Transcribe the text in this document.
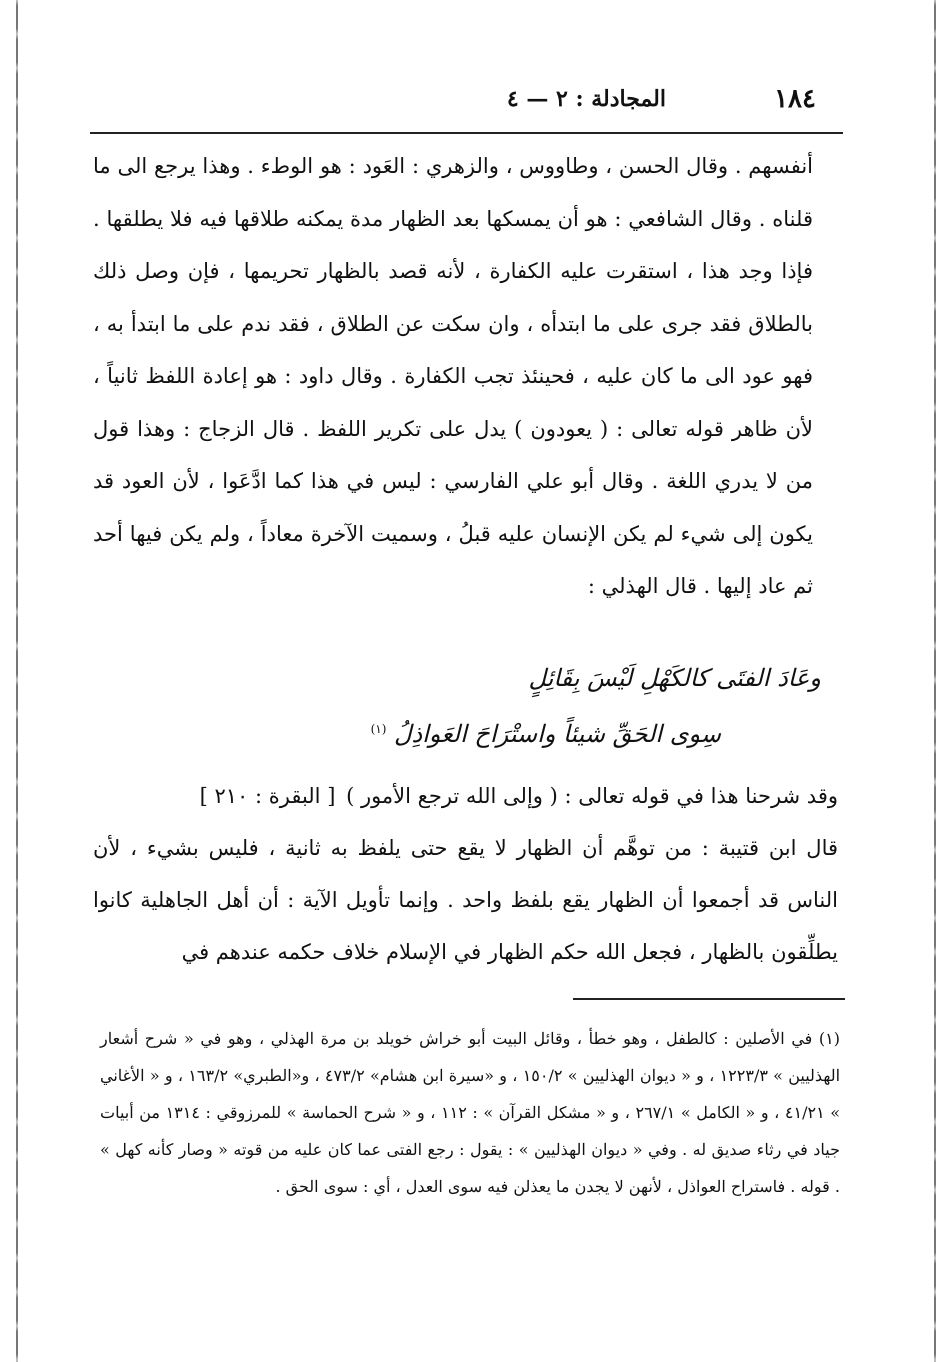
١٨٤
المجادلة : ٢ — ٤

أنفسهم . وقال الحسن ، وطاووس ، والزهري : العَود : هو الوطء . وهذا يرجع الى ما قلناه . وقال الشافعي : هو أن يمسكها بعد الظهار مدة يمكنه طلاقها فيه فلا يطلقها . فإذا وجد هذا ، استقرت عليه الكفارة ، لأنه قصد بالظهار تحريمها ، فإن وصل ذلك بالطلاق فقد جرى على ما ابتدأه ، وان سكت عن الطلاق ، فقد ندم على ما ابتدأ به ، فهو عود الى ما كان عليه ، فحينئذ تجب الكفارة . وقال داود : هو إعادة اللفظ ثانياً ، لأن ظاهر قوله تعالى : ( يعودون ) يدل على تكرير اللفظ . قال الزجاج : وهذا قول من لا يدري اللغة . وقال أبو علي الفارسي : ليس في هذا كما ادَّعَوا ، لأن العود قد يكون إلى شيء لم يكن الإنسان عليه قبلُ ، وسميت الآخرة معاداً ، ولم يكن فيها أحد ثم عاد إليها . قال الهذلي :

وعَادَ الفتَى كالكَهْلِ لَيْسَ بِقَائِلٍ
سِوى الحَقِّ شيئاً واستْرَاحَ العَواذِلُ $^{(١)}$

وقد شرحنا هذا في قوله تعالى : ( وإلى الله ترجع الأمور ) [ البقرة : ٢١٠ ]

قال ابن قتيبة : من توهَّم أن الظهار لا يقع حتى يلفظ به ثانية ، فليس بشيء ، لأن الناس قد أجمعوا أن الظهار يقع بلفظ واحد . وإنما تأويل الآية : أن أهل الجاهلية كانوا يطلِّقون بالظهار ، فجعل الله حكم الظهار في الإسلام خلاف حكمه عندهم في

(١) في الأصلين : كالطفل ، وهو خطأ ، وقائل البيت أبو خراش خويلد بن مرة الهذلي ، وهو في « شرح أشعار الهذليين » ١٢٢٣/٣ ، و « ديوان الهذليين » ١٥٠/٢ ، و «سيرة ابن هشام» ٤٧٣/٢ ، و«الطبري» ١٦٣/٢ ، و « الأغاني » ٤١/٢١ ، و « الكامل » ٢٦٧/١ ، و « مشكل القرآن » : ١١٢ ، و « شرح الحماسة » للمرزوقي : ١٣١٤ من أبيات جياد في رثاء صديق له . وفي « ديوان الهذليين » : يقول : رجع الفتى عما كان عليه من قوته « وصار كأنه كهل » . قوله . فاستراح العواذل ، لأنهن لا يجدن ما يعذلن فيه سوى العدل ، أي : سوى الحق .
